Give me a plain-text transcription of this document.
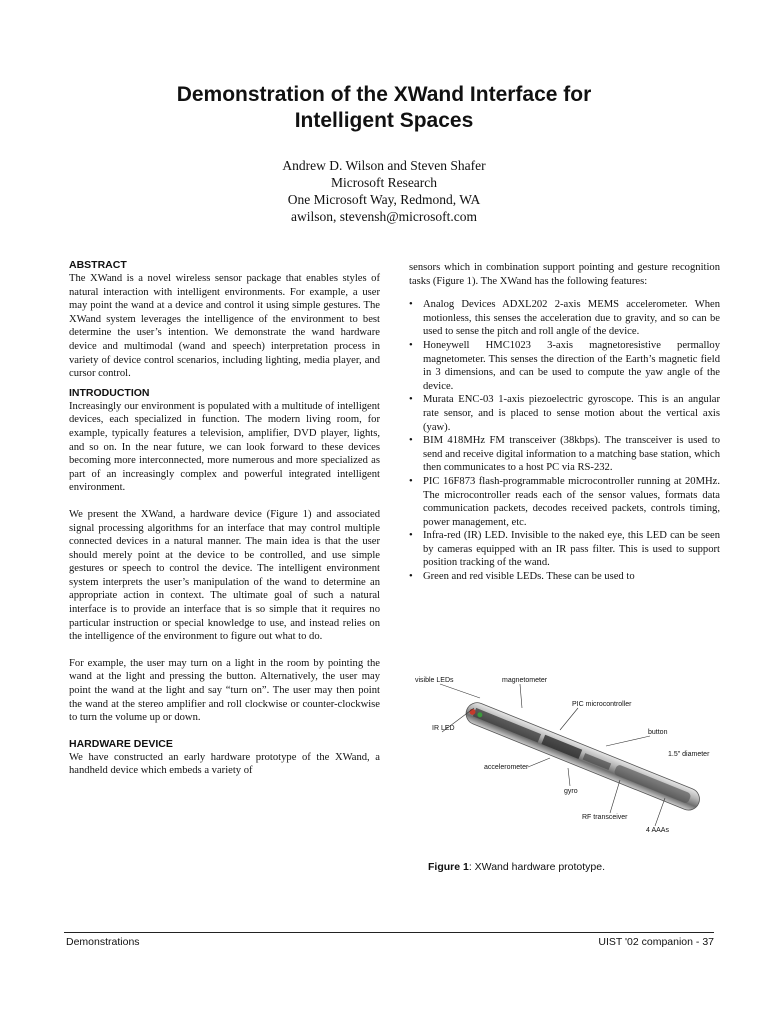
Demonstration of the XWand Interface for
Intelligent Spaces
Andrew D. Wilson and Steven Shafer
Microsoft Research
One Microsoft Way, Redmond, WA
awilson, stevensh@microsoft.com
ABSTRACT

The XWand is a novel wireless sensor package that enables styles of natural interaction with intelligent environments. For example, a user may point the wand at a device and control it using simple gestures. The XWand system leverages the intelligence of the environment to best determine the user’s intention. We demonstrate the wand hardware device and multimodal (wand and speech) interpretation process in variety of device control scenarios, including lighting, media player, and cursor control.

INTRODUCTION

Increasingly our environment is populated with a multitude of intelligent devices, each specialized in function. The modern living room, for example, typically features a television, amplifier, DVD player, lights, and so on. In the near future, we can look forward to these devices becoming more interconnected, more numerous and more specialized as part of an increasingly complex and powerful integrated intelligent environment.

We present the XWand, a hardware device (Figure 1) and associated signal processing algorithms for an interface that may control multiple connected devices in a natural manner. The main idea is that the user should merely point at the device to be controlled, and use simple gestures or speech to control the device. The intelligent environment system interprets the user’s manipulation of the wand to determine an appropriate action in context. The ultimate goal of such a natural interface is to provide an interface that is so simple that it requires no particular instruction or special knowledge to use, and instead relies on the intelligence of the environment to figure out what to do.

For example, the user may turn on a light in the room by pointing the wand at the light and pressing the button. Alternatively, the user may point the wand at the light and say “turn on”. The user may then point the wand at the stereo amplifier and roll clockwise or counter-clockwise to turn the volume up or down.

HARDWARE DEVICE

We have constructed an early hardware prototype of the XWand, a handheld device which embeds a variety of

sensors which in combination support pointing and gesture recognition tasks (Figure 1). The XWand has the following features:

• Analog Devices ADXL202 2-axis MEMS accelerometer. When motionless, this senses the acceleration due to gravity, and so can be used to sense the pitch and roll angle of the device.
• Honeywell HMC1023 3-axis magnetoresistive permalloy magnetometer. This senses the direction of the Earth’s magnetic field in 3 dimensions, and can be used to compute the yaw angle of the device.
• Murata ENC-03 1-axis piezoelectric gyroscope. This is an angular rate sensor, and is placed to sense motion about the vertical axis (yaw).
• BIM 418MHz FM transceiver (38kbps). The transceiver is used to send and receive digital information to a matching base station, which then communicates to a host PC via RS-232.
• PIC 16F873 flash-programmable microcontroller running at 20MHz. The microcontroller reads each of the sensor values, formats data communication packets, decodes received packets, controls timing, power management, etc.
• Infra-red (IR) LED. Invisible to the naked eye, this LED can be seen by cameras equipped with an IR pass filter. This is used to support position tracking of the wand.
• Green and red visible LEDs. These can be used to
visible LEDs	magnetometer
PIC microcontroller
IR LED
button
1.5" diameter
accelerometer
gyro
RF transceiver
4 AAAs
Figure 1: XWand hardware prototype.
Demonstrations	UIST '02 companion - 37
